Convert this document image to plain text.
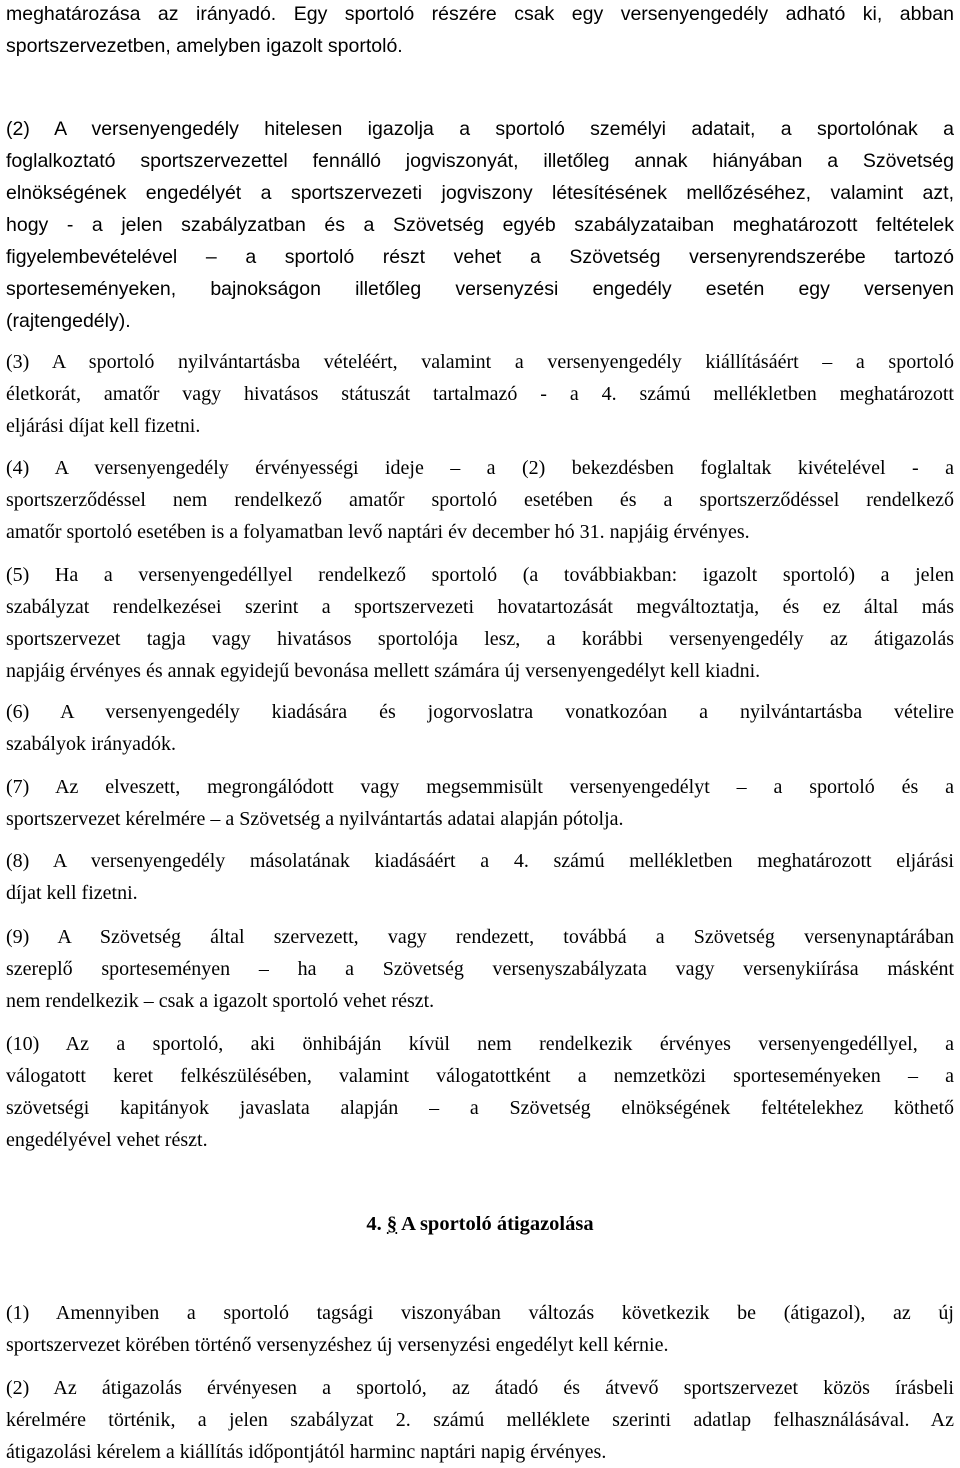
meghatározása az irányadó. Egy sportoló részére csak egy versenyengedély adható ki, abban
sportszervezetben, amelyben igazolt sportoló.
(2) A versenyengedély hitelesen igazolja a sportoló személyi adatait, a sportolónak a
foglalkoztató sportszervezettel fennálló jogviszonyát, illetőleg annak hiányában a Szövetség
elnökségének engedélyét a sportszervezeti jogviszony létesítésének mellőzéséhez, valamint azt,
hogy - a jelen szabályzatban és a Szövetség egyéb szabályzataiban meghatározott feltételek
figyelembevételével – a sportoló részt vehet a Szövetség versenyrendszerébe tartozó
sporteseményeken, bajnokságon illetőleg versenyzési engedély esetén egy versenyen
(rajtengedély).
(3) A sportoló nyilvántartásba vételéért, valamint a versenyengedély kiállításáért – a sportoló
életkorát, amatőr vagy hivatásos státuszát tartalmazó - a 4. számú mellékletben meghatározott
eljárási díjat kell fizetni.
(4) A versenyengedély érvényességi ideje – a (2) bekezdésben foglaltak kivételével - a
sportszerződéssel nem rendelkező amatőr sportoló esetében és a sportszerződéssel rendelkező
amatőr sportoló esetében is a folyamatban levő naptári év december hó 31. napjáig érvényes.
(5) Ha a versenyengedéllyel rendelkező sportoló (a továbbiakban: igazolt sportoló) a jelen
szabályzat rendelkezései szerint a sportszervezeti hovatartozását megváltoztatja, és ez által más
sportszervezet tagja vagy hivatásos sportolója lesz, a korábbi versenyengedély az átigazolás
napjáig érvényes és annak egyidejű bevonása mellett számára új versenyengedélyt kell kiadni.
(6) A versenyengedély kiadására és jogorvoslatra vonatkozóan a nyilvántartásba vételire
szabályok irányadók.
(7) Az elveszett, megrongálódott vagy megsemmisült versenyengedélyt – a sportoló és a
sportszervezet kérelmére – a Szövetség a nyilvántartás adatai alapján pótolja.
(8) A versenyengedély másolatának kiadásáért a 4. számú mellékletben meghatározott eljárási
díjat kell fizetni.
(9) A Szövetség által szervezett, vagy rendezett, továbbá a Szövetség versenynaptárában
szereplő sporteseményen – ha a Szövetség versenyszabályzata vagy versenykiírása másként
nem rendelkezik – csak a igazolt sportoló vehet részt.
(10) Az a sportoló, aki önhibáján kívül nem rendelkezik érvényes versenyengedéllyel, a
válogatott keret felkészülésében, valamint válogatottként a nemzetközi sporteseményeken – a
szövetségi kapitányok javaslata alapján – a Szövetség elnökségének feltételekhez köthető
engedélyével vehet részt.
4. § A sportoló átigazolása
(1) Amennyiben a sportoló tagsági viszonyában változás következik be (átigazol), az új
sportszervezet körében történő versenyzéshez új versenyzési engedélyt kell kérnie.
(2) Az átigazolás érvényesen a sportoló, az átadó és átvevő sportszervezet közös írásbeli
kérelmére történik, a jelen szabályzat 2. számú melléklete szerinti adatlap felhasználásával. Az
átigazolási kérelem a kiállítás időpontjától harminc naptári napig érvényes.
